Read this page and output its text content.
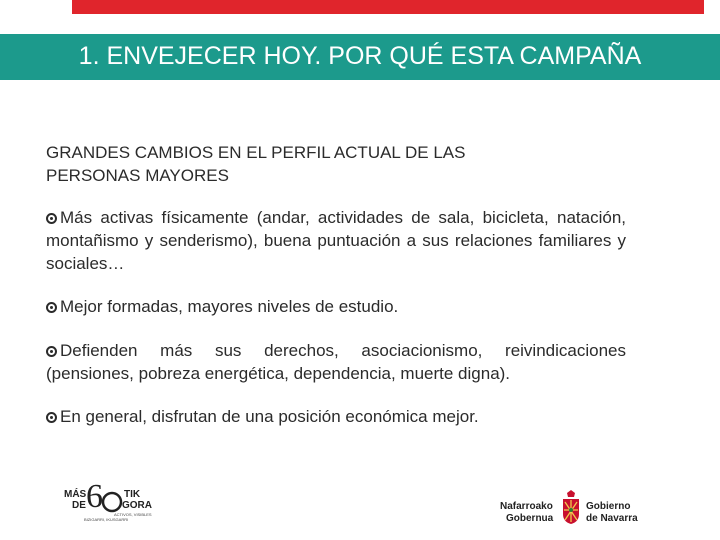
1. ENVEJECER HOY. POR QUÉ ESTA CAMPAÑA

GRANDES CAMBIOS EN EL PERFIL ACTUAL DE LAS
PERSONAS MAYORES

Más activas físicamente (andar, actividades de sala, bicicleta, natación, montañismo y senderismo), buena puntuación a sus relaciones familiares y sociales…

Mejor formadas, mayores niveles de estudio.

Defienden más sus derechos, asociacionismo, reivindicaciones (pensiones, pobreza energética, dependencia, muerte digna).

En general, disfrutan de una posición económica mejor.

MÁS 6 TIK
DE	GORA
ACTIVOS, VISIBLES
BIZIGARRI, IKUSGARRI
Nafarroako
Gobernua
Gobierno
de Navarra
